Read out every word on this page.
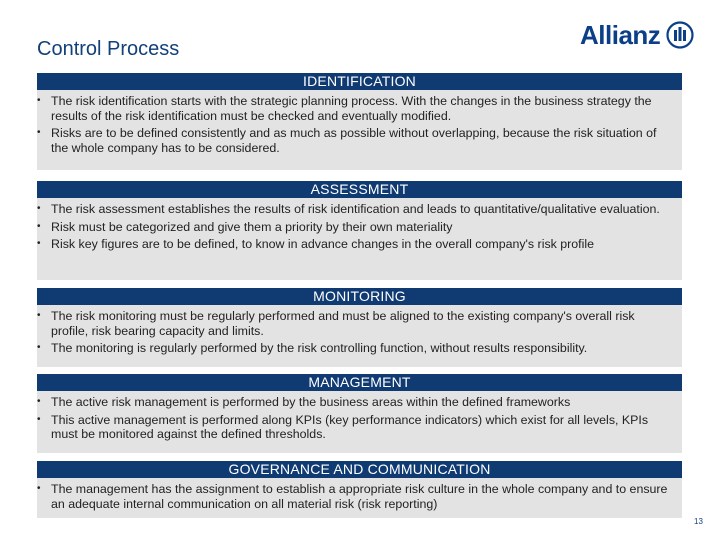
Control Process	Allianz
IDENTIFICATION
• The risk identification starts with the strategic planning process. With the changes in the business strategy the results of the risk identification must be checked and eventually modified.
• Risks are to be defined consistently and as much as possible without overlapping, because the risk situation of the whole company has to be considered.
ASSESSMENT
• The risk assessment establishes the results of risk identification and leads to quantitative/qualitative evaluation.
• Risk must be categorized and give them a priority by their own materiality
• Risk key figures are to be defined, to know in advance changes in the overall company's risk profile
MONITORING
• The risk monitoring must be regularly performed and must be aligned to the existing company's overall risk profile, risk bearing capacity and limits.
• The monitoring is regularly performed by the risk controlling function, without results responsibility.
MANAGEMENT
• The active risk management is performed by the business areas within the defined frameworks
• This active management is performed along KPIs (key performance indicators) which exist for all levels, KPIs must be monitored against the defined thresholds.
GOVERNANCE AND COMMUNICATION
• The management has the assignment to establish a appropriate risk culture in the whole company and to ensure an adequate internal communication on all material risk (risk reporting)
13
